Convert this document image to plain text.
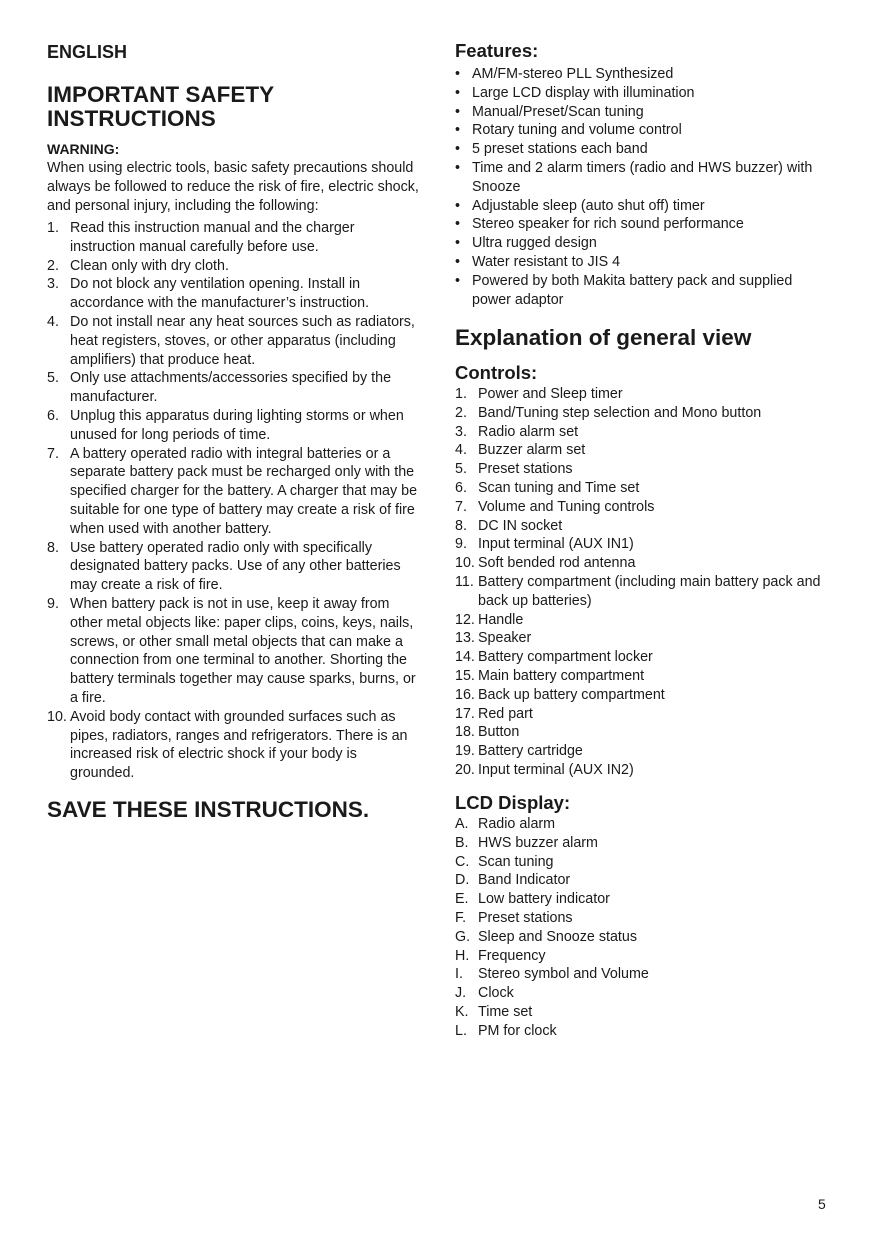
ENGLISH

IMPORTANT SAFETY INSTRUCTIONS

WARNING:

When using electric tools, basic safety precautions should always be followed to reduce the risk of fire, electric shock, and personal injury, including the following:

1. Read this instruction manual and the charger instruction manual carefully before use.
2. Clean only with dry cloth.
3. Do not block any ventilation opening. Install in accordance with the manufacturer’s instruction.
4. Do not install near any heat sources such as radiators, heat registers, stoves, or other apparatus (including amplifiers) that produce heat.
5. Only use attachments/accessories specified by the manufacturer.
6. Unplug this apparatus during lighting storms or when unused for long periods of time.
7. A battery operated radio with integral batteries or a separate battery pack must be recharged only with the specified charger for the battery. A charger that may be suitable for one type of battery may create a risk of fire when used with another battery.
8. Use battery operated radio only with specifically designated battery packs. Use of any other batteries may create a risk of fire.
9. When battery pack is not in use, keep it away from other metal objects like: paper clips, coins, keys, nails, screws, or other small metal objects that can make a connection from one terminal to another. Shorting the battery terminals together may cause sparks, burns, or a fire.
10. Avoid body contact with grounded surfaces such as pipes, radiators, ranges and refrigerators. There is an increased risk of electric shock if your body is grounded.
SAVE THESE INSTRUCTIONS.
Features:
• AM/FM-stereo PLL Synthesized
• Large LCD display with illumination
• Manual/Preset/Scan tuning
• Rotary tuning and volume control
• 5 preset stations each band
• Time and 2 alarm timers (radio and HWS buzzer) with Snooze
• Adjustable sleep (auto shut off) timer
• Stereo speaker for rich sound performance
• Ultra rugged design
• Water resistant to JIS 4
• Powered by both Makita battery pack and supplied power adaptor
Explanation of general view
Controls:
1. Power and Sleep timer
2. Band/Tuning step selection and Mono button
3. Radio alarm set
4. Buzzer alarm set
5. Preset stations
6. Scan tuning and Time set
7. Volume and Tuning controls
8. DC IN socket
9. Input terminal (AUX IN1)
10. Soft bended rod antenna
11. Battery compartment (including main battery pack and back up batteries)
12. Handle
13. Speaker
14. Battery compartment locker
15. Main battery compartment
16. Back up battery compartment
17. Red part
18. Button
19. Battery cartridge
20. Input terminal (AUX IN2)
LCD Display:
A. Radio alarm
B. HWS buzzer alarm
C. Scan tuning
D. Band Indicator
E. Low battery indicator
F. Preset stations
G. Sleep and Snooze status
H. Frequency
I. Stereo symbol and Volume
J. Clock
K. Time set
L. PM for clock

5
